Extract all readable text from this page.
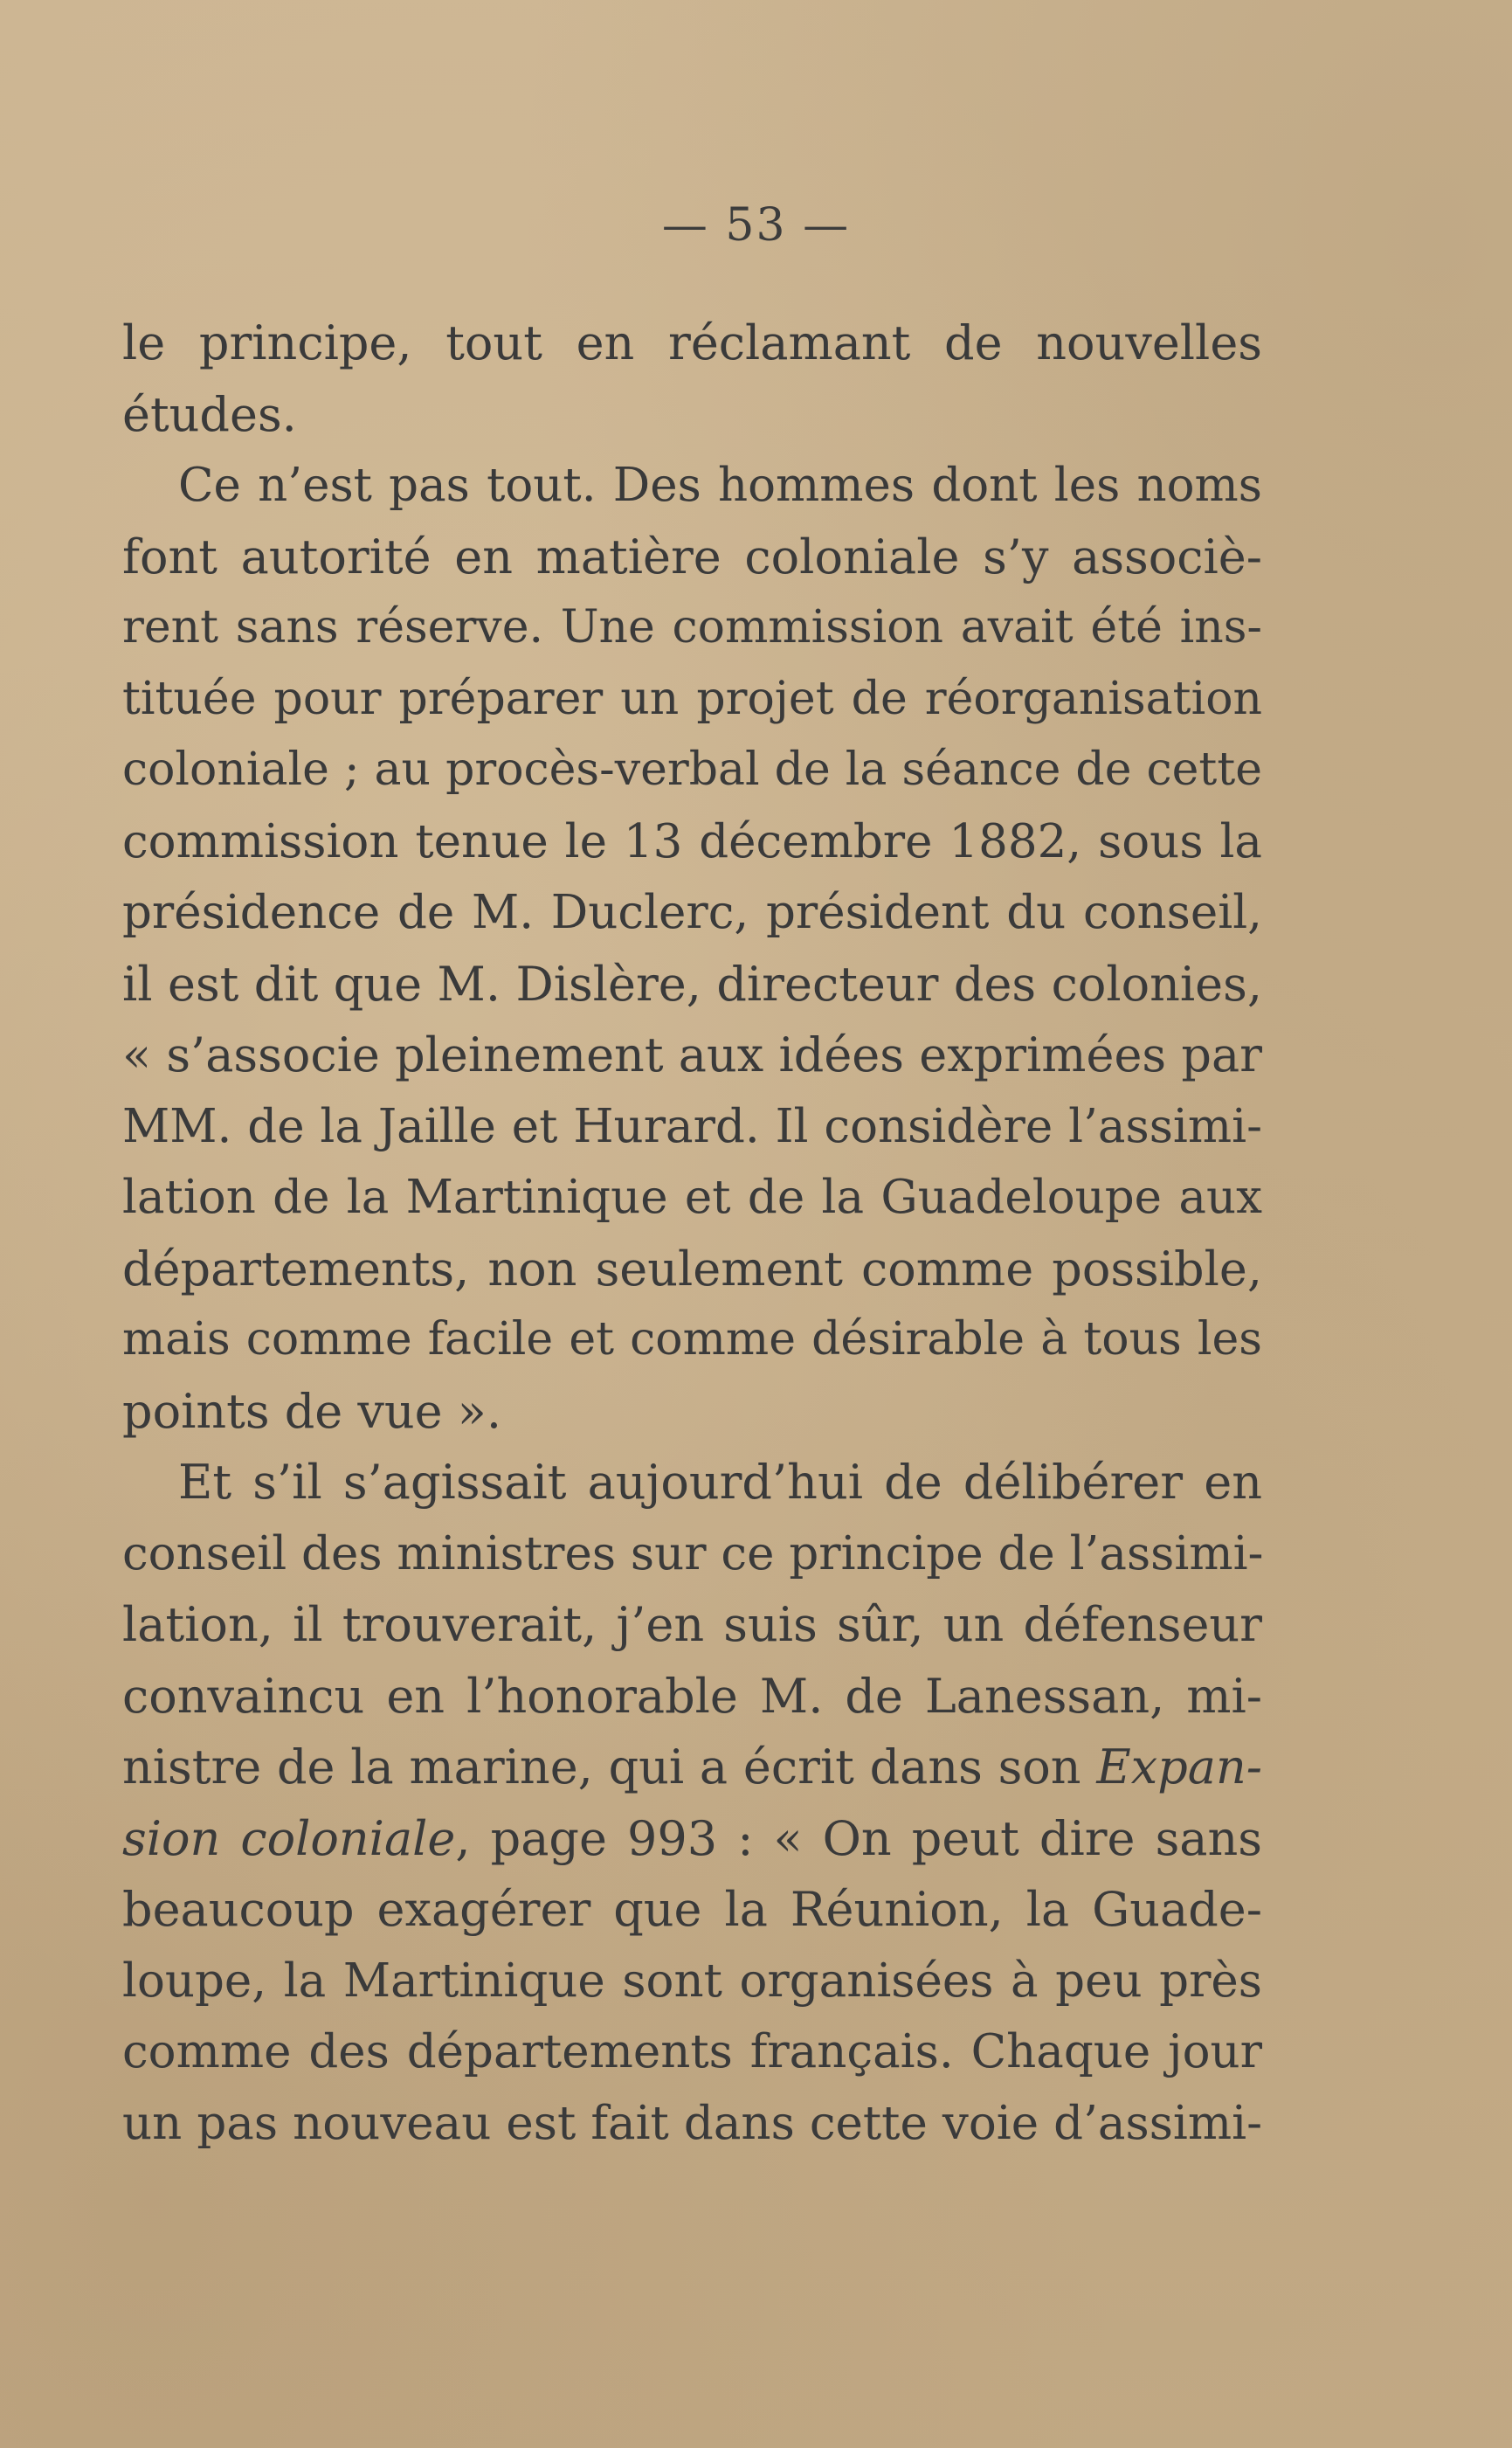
— 53 —
le principe, tout en réclamant de nouvelles
études.
Ce n’est pas tout. Des hommes dont les noms
font autorité en matière coloniale s’y associè-
rent sans réserve. Une commission avait été ins-
tituée pour préparer un projet de réorganisation
coloniale ; au procès-verbal de la séance de cette
commission tenue le 13 décembre 1882, sous la
présidence de M. Duclerc, président du conseil,
il est dit que M. Dislère, directeur des colonies,
« s’associe pleinement aux idées exprimées par
MM. de la Jaille et Hurard. Il considère l’assimi-
lation de la Martinique et de la Guadeloupe aux
départements, non seulement comme possible,
mais comme facile et comme désirable à tous les
points de vue ».
Et s’il s’agissait aujourd’hui de délibérer en
conseil des ministres sur ce principe de l’assimi-
lation, il trouverait, j’en suis sûr, un défenseur
convaincu en l’honorable M. de Lanessan, mi-
nistre de la marine, qui a écrit dans son Expan-
sion coloniale, page 993 : « On peut dire sans
beaucoup exagérer que la Réunion, la Guade-
loupe, la Martinique sont organisées à peu près
comme des départements français. Chaque jour
un pas nouveau est fait dans cette voie d’assimi-
